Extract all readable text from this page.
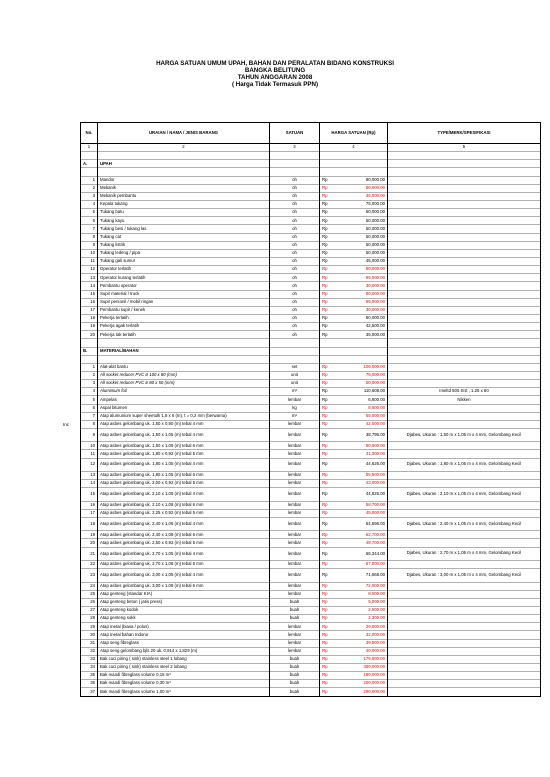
HARGA SATUAN UMUM UPAH, BAHAN DAN PERALATAN BIDANG KONSTRUKSI
BANGKA BELITUNG
TAHUN ANGGARAN 2008
( Harga Tidak Termasuk PPN)
Inc
No.	URAIAN / NAMA / JENIS BARANG	SATUAN	HARGA SATUAN (Rp)	TYPE/MERK/SPESIFIKASI
1	2	3	4	5

A.	UPAH			

1	Mandor	oh	Rp 80,000.00	

2	Mekanik	oh	Rp 50,000.00	

3	Mekanik pembantu	oh	Rp 35,000.00	

4	Kepala tukang	oh	Rp 75,000.00	

5	Tukang batu	oh	Rp 50,000.00	

6	Tukang kayu	oh	Rp 50,000.00	

7	Tukang besi / tukang las	oh	Rp 50,000.00	

8	Tukang cat	oh	Rp 50,000.00	

9	Tukang listrik	oh	Rp 50,000.00	

10	Tukang ledeng / pipa	oh	Rp 50,000.00	

11	Tukang gali sumur	oh	Rp 45,000.00	

12	Operator terlatih	oh	Rp 90,000.00	

13	Operator kurang terlatih	oh	Rp 65,000.00	

14	Pembantu operator	oh	Rp 30,000.00	

15	Supir material / truck	oh	Rp 80,000.00	

16	Supir personil / mobil ringan	oh	Rp 65,000.00	

17	Pembantu supir / kenek	oh	Rp 30,000.00	

18	Pekerja terlatih	oh	Rp 50,000.00	

19	Pekerja agak terlatih	oh	Rp 42,500.00	

20	Pekerja tak terlatih	oh	Rp 35,000.00	

B.	MATERIAL/BAHAN			

1	Alat-alat bantu	set	Rp 105,000.00	

2	All socket reducer PVC ø 100 x 80 (mm)	unit	Rp 75,000.00	

3	All socket reducer PVC ø 80 x 50 (mm)	unit	Rp 50,000.00	

4	Aluminium foil	m²	Rp 110,608.00	Imeltd 505 SIS , 1.25 x 60
5	Ampelas	lembar	Rp 6,600.00	Nikken
6	Aspal bitumen	kg	Rp 8,500.00	

7	Atap alumunium super sheetulk 1,8 x 6 (m), t = 0,2 mm (berwarna)	m²	Rp 55,000.00	

8	Atap asbes gelombang uk. 1,50 x 0,90 (m) tebal 4 mm	lembar	Rp 42,000.00	

9	Atap asbes gelombang uk. 1,50 x 1,05 (m) tebal 4 mm	lembar	Rp 38,796.00	Djabes, Ukuran : 1,50 m x 1,05 m x 4 mm, Gelombang Kecil
10	Atap asbes gelombang uk. 1,50 x 1,05 (m) tebal 6 mm	lembar	Rp 50,500.00	

11	Atap asbes gelombang uk. 1,80 x 0,92 (m) tebal 5 mm	lembar	Rp 41,000.00	

12	Atap asbes gelombang uk. 1,80 x 1,05 (m) tebal 4 mm	lembar	Rp 44,626.00	Djabes, Ukuran : 1,80 m x 1,05 m x 4 mm, Gelombang Kecil
13	Atap asbes gelombang uk. 1,80 x 1,05 (m) tebal 6 mm	lembar	Rp 55,500.00	

14	Atap asbes gelombang uk. 2,00 x 0,92 (m) tebal 5 mm	lembar	Rp 43,000.00	

15	Atap asbes gelombang uk. 2,10 x 1,05 (m) tebal 4 mm	lembar	Rp 44,626.00	Djabes, Ukuran : 2,10 m x 1,05 m x 4 mm, Gelombang Kecil
16	Atap asbes gelombang uk. 2,10 x 1,08 (m) tebal 6 mm	lembar	Rp 58,700.00	

17	Atap asbes gelombang uk. 2,25 x 0,92 (m) tebal 5 mm	lembar	Rp 45,000.00	

18	Atap asbes gelombang uk. 2,40 x 1,05 (m) tebal 4 mm	lembar	Rp 54,696.00	Djabes, Ukuran : 2,40 m x 1,05 m x 4 mm, Gelombang Kecil
19	Atap asbes gelombang uk. 2,40 x 1,08 (m) tebal 6 mm	lembar	Rp 62,700.00	

20	Atap asbes gelombang uk. 2,50 x 0,92 (m) tebal 5 mm	lembar	Rp 48,700.00	

21	Atap asbes gelombang uk. 2,70 x 1,05 (m) tebal 4 mm	lembar	Rp 66,344.00	Djabes, Ukuran : 2,70 m x 1,05 m x 4 mm, Gelombang Kecil
22	Atap asbes gelombang uk. 2,70 x 1,08 (m) tebal 6 mm	lembar	Rp 67,000.00	

23	Atap asbes gelombang uk. 3,00 x 1,05 (m) tebal 4 mm	lembar	Rp 71,668.00	Djabes, Ukuran : 3,00 m x 1,05 m x 4 mm, Gelombang Kecil
24	Atap asbes gelombang uk. 3,00 x 1,08 (m) tebal 6 mm	lembar	Rp 72,000.00	

25	Atap genteng (standar KIA)	lembar	Rp 8,000.00	

26	Atap genteng beton ( jatis press)	buah	Rp 5,000.00	

27	Atap genteng kodok	buah	Rp 2,500.00	

28	Atap genteng sokk	buah	Rp 2,300.00	

29	Atap metal (biasa / polos)	lembar	Rp 29,000.00	

30	Atap metal bahan Indorur	lembar	Rp 32,000.00	

31	Atap seng fibreglass	lembar	Rp 39,500.00	

32	Atap seng gelombang bjls 20 uk. 0,914 x 1,829 (m)	lembar	Rp 40,000.00	

33	Bak cuci piring ( sink) stainless steel 1 lobang	buah	Rp 175,000.00	

34	Bak cuci piring ( sink) stainless steel 2 lobang	buah	Rp 350,000.00	

35	Bak mandi fibreglass volume 0,15 m³	buah	Rp 180,000.00	

36	Bak mandi fibreglass volume 0,30 m³	buah	Rp 200,000.00	

37	Bak mandi fibreglass volume 1,00 m³	buah	Rp 290,000.00	
